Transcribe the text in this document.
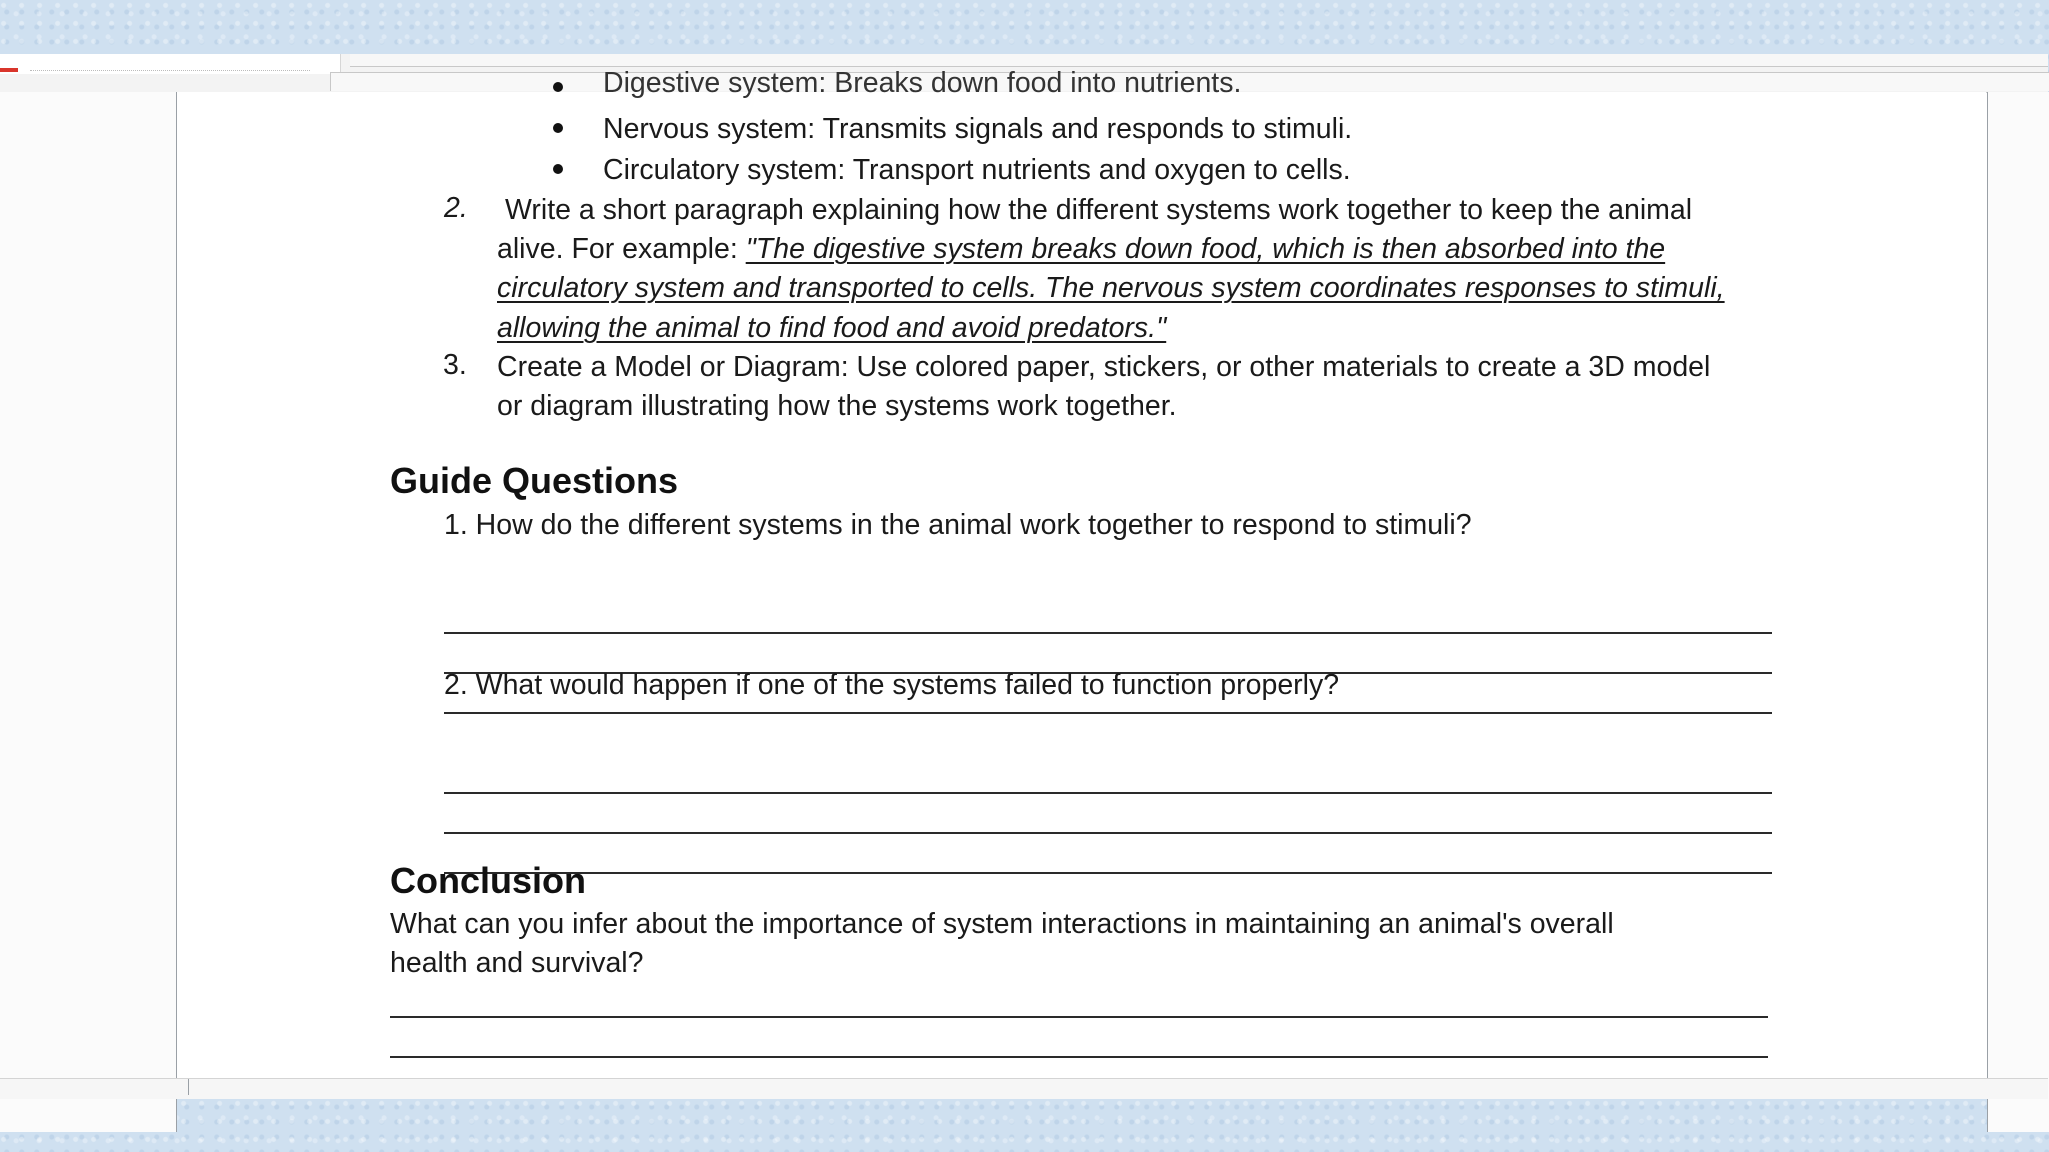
Digestive system: Breaks down food into nutrients.
Nervous system: Transmits signals and responds to stimuli.
Circulatory system: Transport nutrients and oxygen to cells.
2. Write a short paragraph explaining how the different systems work together to keep the animal
alive. For example: "The digestive system breaks down food, which is then absorbed into the
circulatory system and transported to cells. The nervous system coordinates responses to stimuli,
allowing the animal to find food and avoid predators."
3. Create a Model or Diagram: Use colored paper, stickers, or other materials to create a 3D model
or diagram illustrating how the systems work together.
Guide Questions
1. How do the different systems in the animal work together to respond to stimuli?
2. What would happen if one of the systems failed to function properly?
Conclusion
What can you infer about the importance of system interactions in maintaining an animal's overall
health and survival?
